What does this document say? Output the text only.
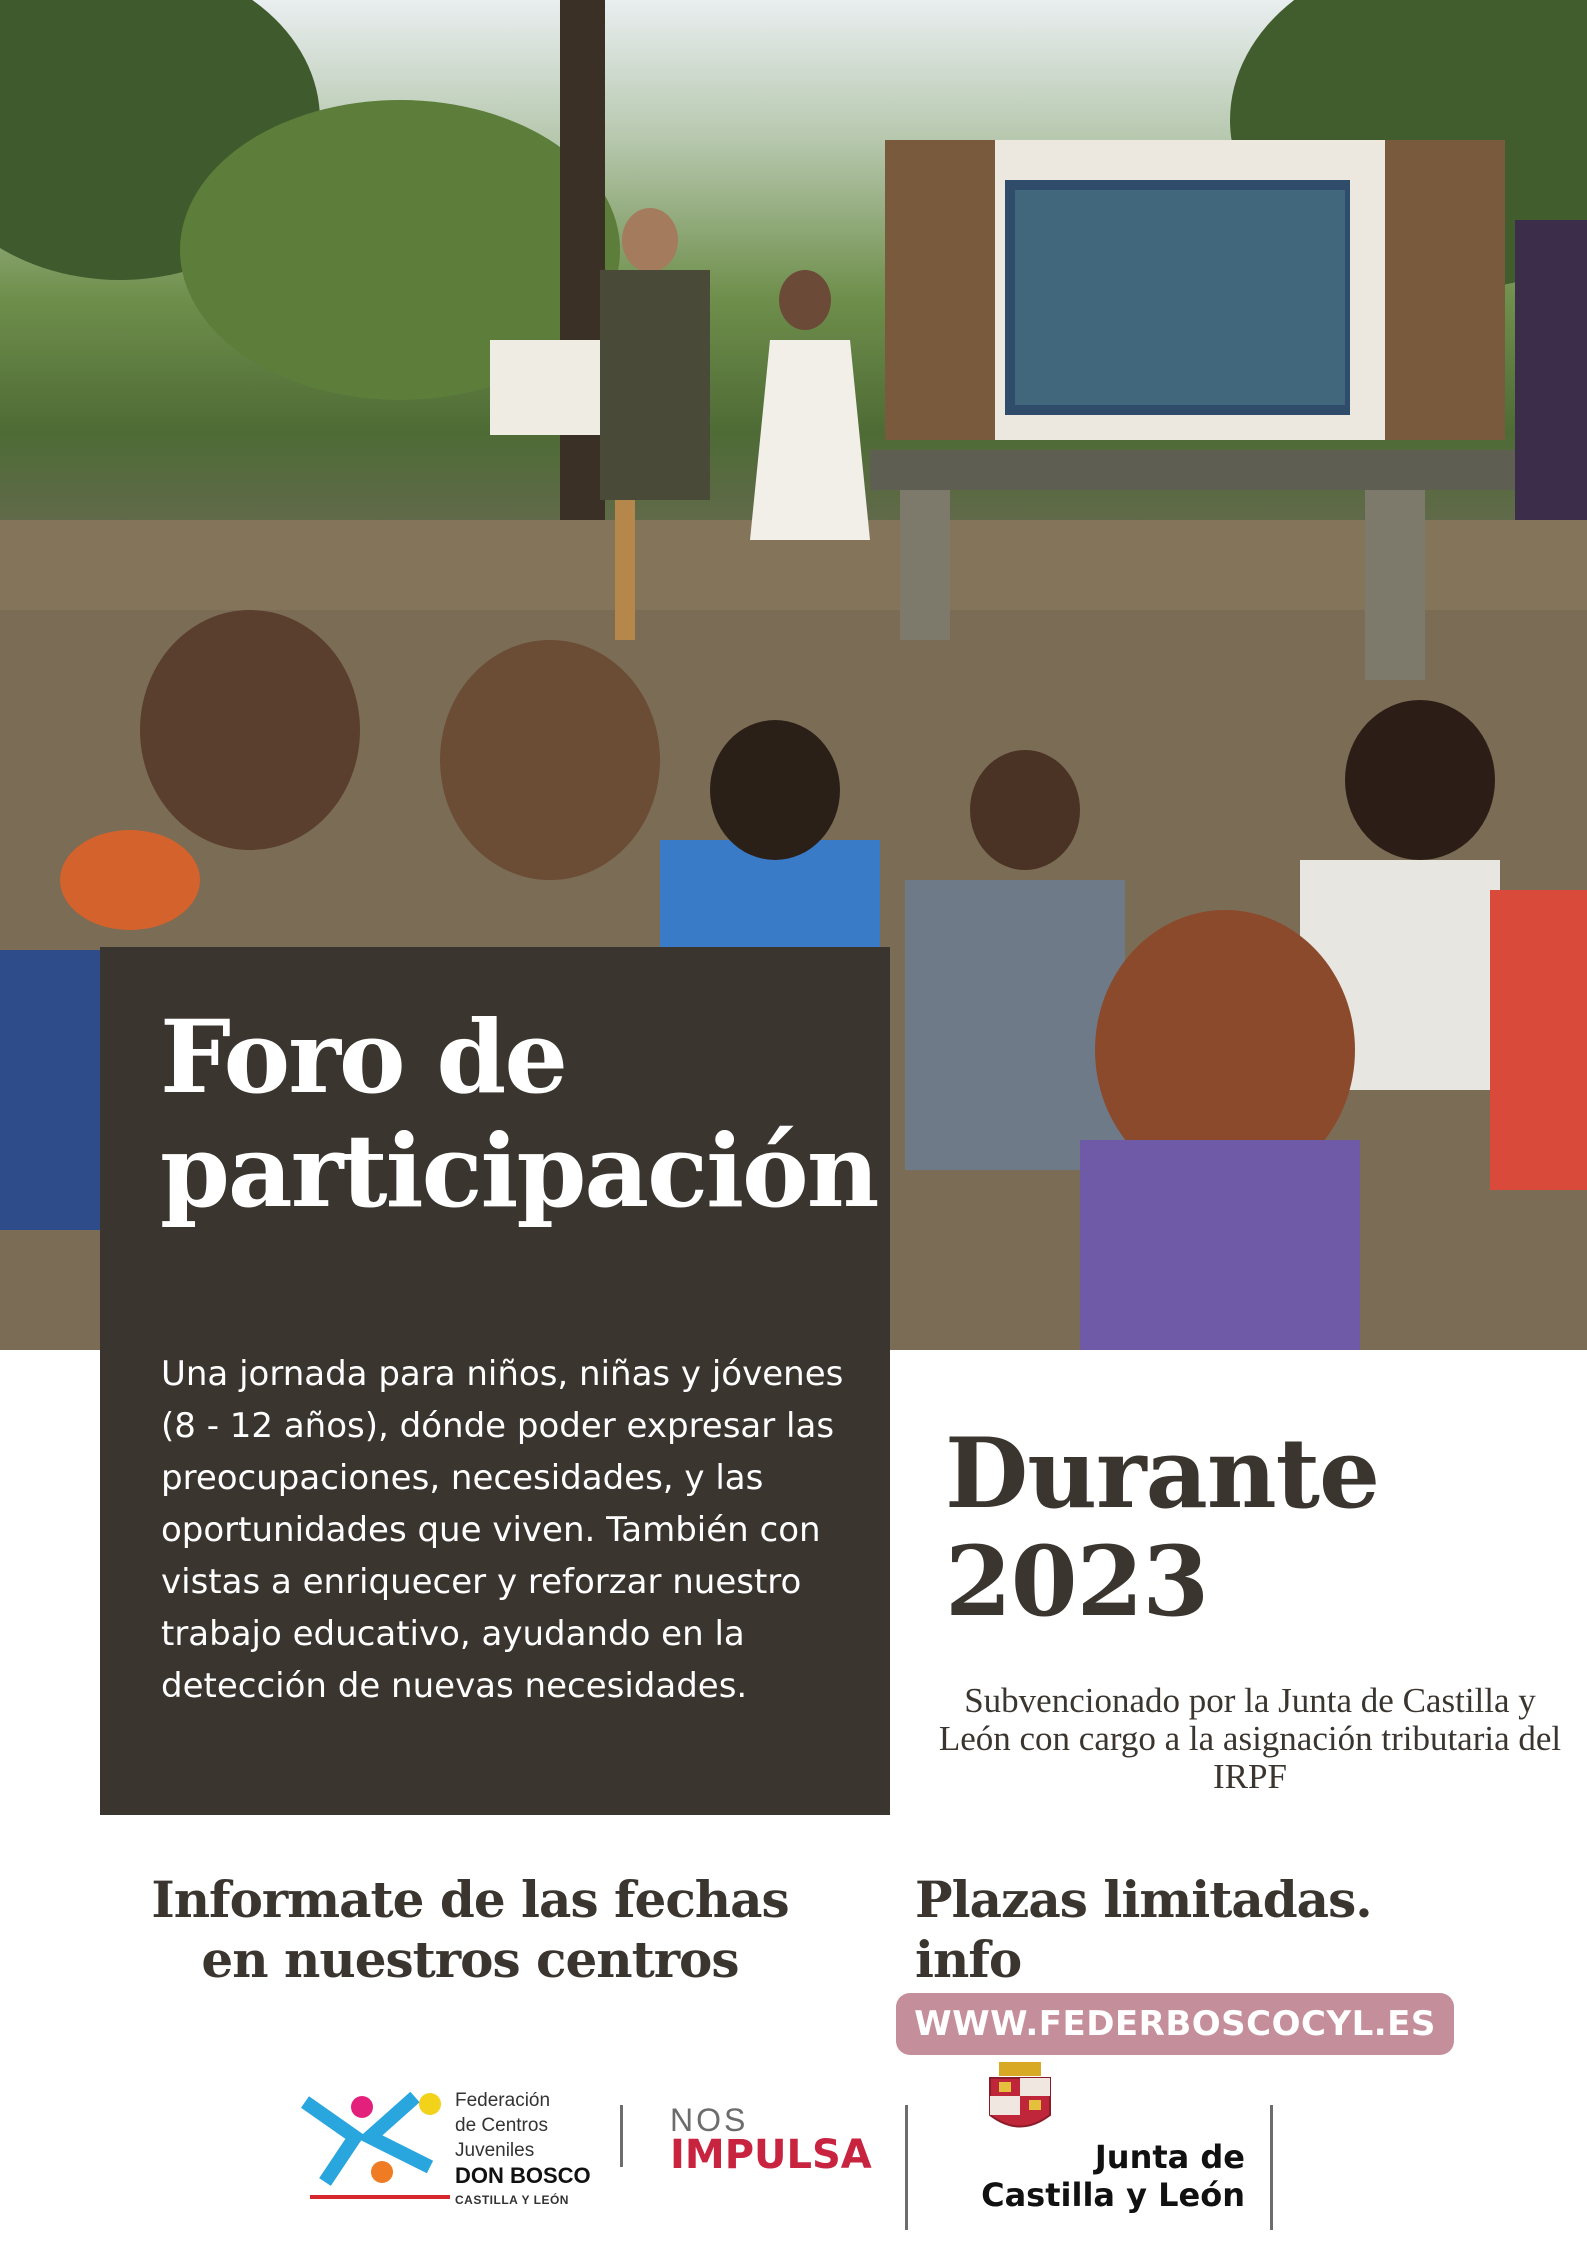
Foro de
participación

Una jornada para niños, niñas y jóvenes (8 - 12 años), dónde poder expresar las preocupaciones, necesidades, y las oportunidades que viven. También con vistas a enriquecer y reforzar nuestro trabajo educativo, ayudando en la detección de nuevas necesidades.

Durante
2023

Subvencionado por la Junta de Castilla y León con cargo a la asignación tributaria del IRPF

Informate de las fechas
en nuestros centros
Plazas limitadas.
info
WWW.FEDERBOSCOCYL.ES
Federación
de Centros
Juveniles
DON BOSCO
CASTILLA Y LEÓN
NOS
IMPULSA	Junta de
Castilla y León
